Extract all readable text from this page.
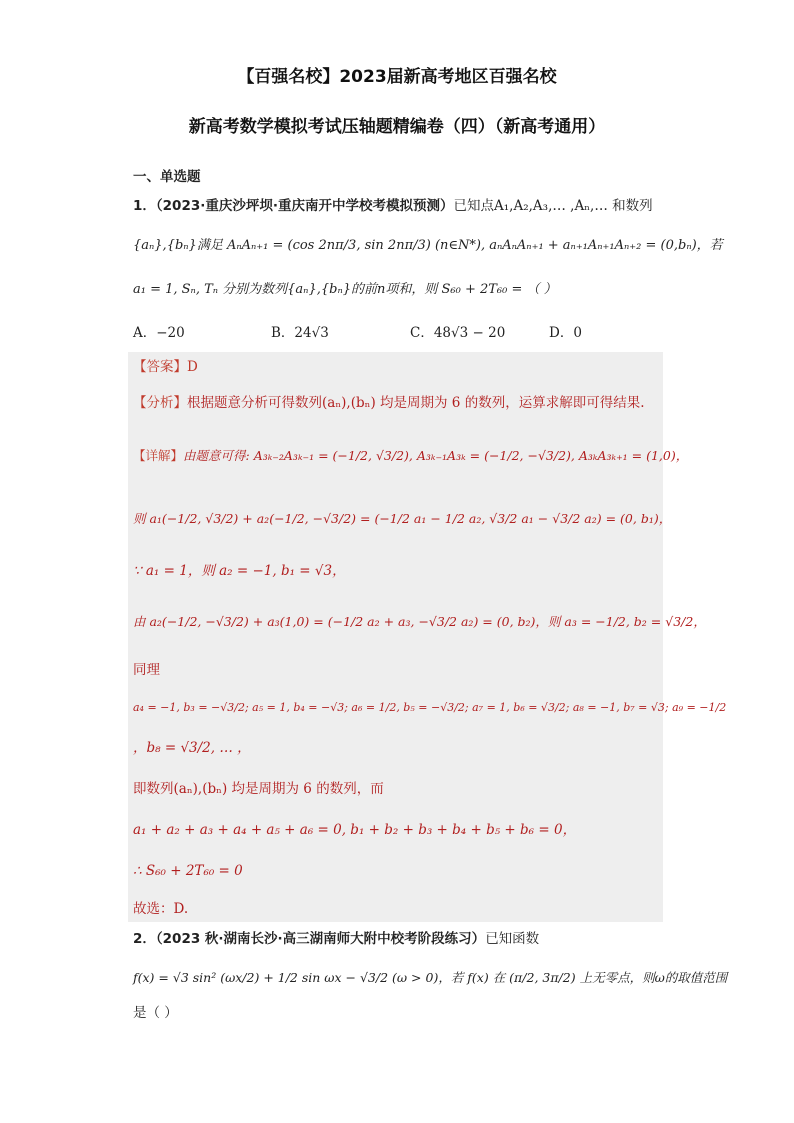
【百强名校】2023届新高考地区百强名校
新高考数学模拟考试压轴题精编卷（四）（新高考通用）
一、单选题
1．（2023·重庆沙坪坝·重庆南开中学校考模拟预测）已知点A₁,A₂,A₃,… ,Aₙ,… 和数列
{aₙ},{bₙ}满足 AₙAₙ₊₁ = (cos 2nπ/3, sin 2nπ/3) (n∈N*), aₙAₙAₙ₊₁ + aₙ₊₁Aₙ₊₁Aₙ₊₂ = (0,bₙ)，若
a₁ = 1, Sₙ, Tₙ 分别为数列{aₙ},{bₙ}的前n项和，则 S₆₀ + 2T₆₀ = （ ）
A．−20	B．24√3	C．48√3 − 20	D．0
【答案】D
【分析】根据题意分析可得数列(aₙ),(bₙ) 均是周期为 6 的数列，运算求解即可得结果.
【详解】由题意可得: A₃ₖ₋₂A₃ₖ₋₁ = (−1/2, √3/2), A₃ₖ₋₁A₃ₖ = (−1/2, −√3/2), A₃ₖA₃ₖ₊₁ = (1,0)，
则 a₁(−1/2, √3/2) + a₂(−1/2, −√3/2) = (−1/2 a₁ − 1/2 a₂, √3/2 a₁ − √3/2 a₂) = (0, b₁)，
∵ a₁ = 1，则 a₂ = −1, b₁ = √3，
由 a₂(−1/2, −√3/2) + a₃(1,0) = (−1/2 a₂ + a₃, −√3/2 a₂) = (0, b₂)，则 a₃ = −1/2, b₂ = √3/2，
同理
a₄ = −1, b₃ = −√3/2; a₅ = 1, b₄ = −√3; a₆ = 1/2, b₅ = −√3/2; a₇ = 1, b₆ = √3/2; a₈ = −1, b₇ = √3; a₉ = −1/2
，b₈ = √3/2, … ，
即数列(aₙ),(bₙ) 均是周期为 6 的数列，而
a₁ + a₂ + a₃ + a₄ + a₅ + a₆ = 0, b₁ + b₂ + b₃ + b₄ + b₅ + b₆ = 0，
∴ S₆₀ + 2T₆₀ = 0
故选：D.
2．（2023 秋·湖南长沙·高三湖南师大附中校考阶段练习）已知函数
f(x) = √3 sin² (ωx/2) + 1/2 sin ωx − √3/2 (ω > 0)，若 f(x) 在 (π/2, 3π/2) 上无零点，则ω的取值范围
是（ ）
